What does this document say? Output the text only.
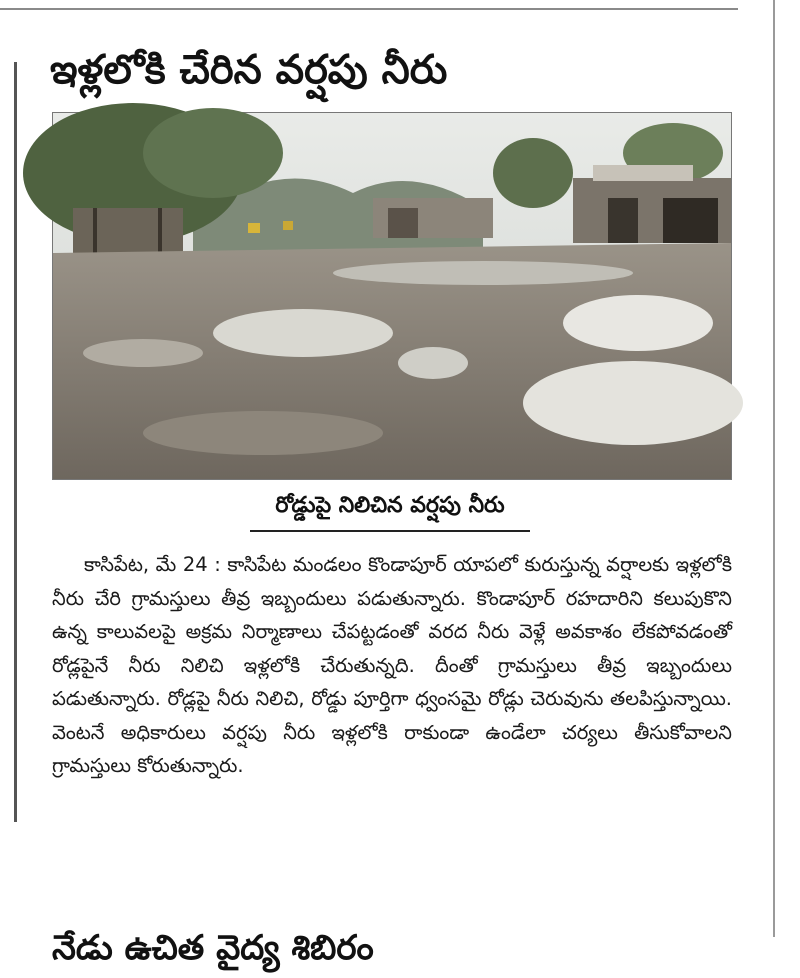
ఇళ్లలోకి చేరిన వర్షపు నీరు
రోడ్డుపై నిలిచిన వర్షపు నీరు

కాసిపేట, మే 24 : కాసిపేట మండలం కొండాపూర్ యాపలో కురుస్తున్న వర్షాలకు ఇళ్లలోకి నీరు చేరి గ్రామస్తులు తీవ్ర ఇబ్బందులు పడుతున్నారు. కొండాపూర్ రహదారిని కలుపుకొని ఉన్న కాలువలపై అక్రమ నిర్మాణాలు చేపట్టడంతో వరద నీరు వెళ్లే అవకాశం లేకపోవడంతో రోడ్లపైనే నీరు నిలిచి ఇళ్లలోకి చేరుతున్నది. దీంతో గ్రామస్తులు తీవ్ర ఇబ్బందులు పడుతున్నారు. రోడ్లపై నీరు నిలిచి, రోడ్డు పూర్తిగా ధ్వంసమై రోడ్లు చెరువును తలపిస్తున్నాయి. వెంటనే అధికారులు వర్షపు నీరు ఇళ్లలోకి రాకుండా ఉండేలా చర్యలు తీసుకోవాలని గ్రామస్తులు కోరుతున్నారు.

నేడు ఉచిత వైద్య శిబిరం
